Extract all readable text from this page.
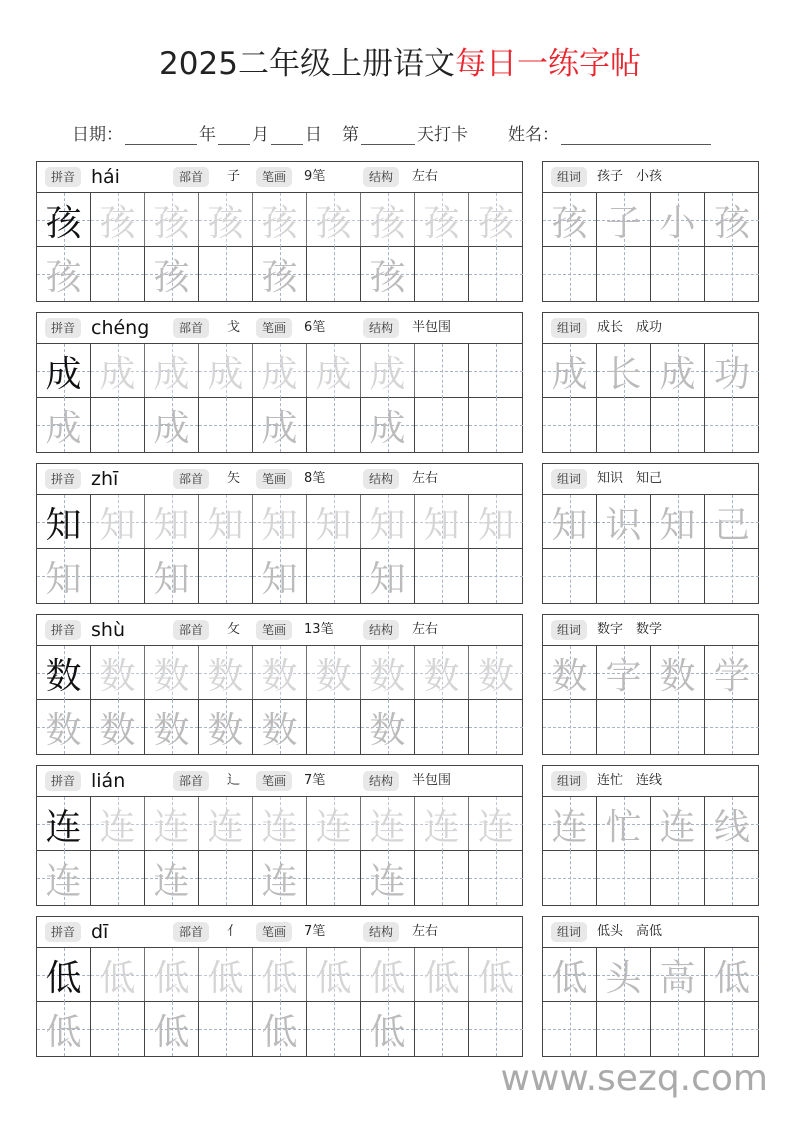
2025二年级上册语文每日一练字帖
日期：	年 月 日 第	天打卡 姓名：
拼音 hái	部首	子	笔画	9笔	结构	左右
孩 孩 孩 孩 孩 孩 孩 孩 孩
孩 孩 孩 孩
组词	孩子　小孩
孩 子 小 孩
拼音 chéng	部首	戈	笔画	6笔	结构	半包围
成 成 成 成 成 成 成
成 成 成 成
组词	成长　成功
成 长 成 功
拼音 zhī	部首	矢	笔画	8笔	结构	左右
知 知 知 知 知 知 知 知 知
知 知 知 知
组词	知识　知己
知 识 知 己
拼音 shù	部首	攵	笔画	13笔	结构	左右
数 数 数 数 数 数 数 数 数
数 数 数 数 数 数
组词	数字　数学
数 字 数 学
拼音 lián	部首	辶	笔画	7笔	结构	半包围
连 连 连 连 连 连 连 连 连
连 连 连 连
组词	连忙　连线
连 忙 连 线
拼音 dī	部首	亻	笔画	7笔	结构	左右
低 低 低 低 低 低 低 低 低
低 低 低 低
组词	低头　高低
低 头 高 低
www.sezq.com
